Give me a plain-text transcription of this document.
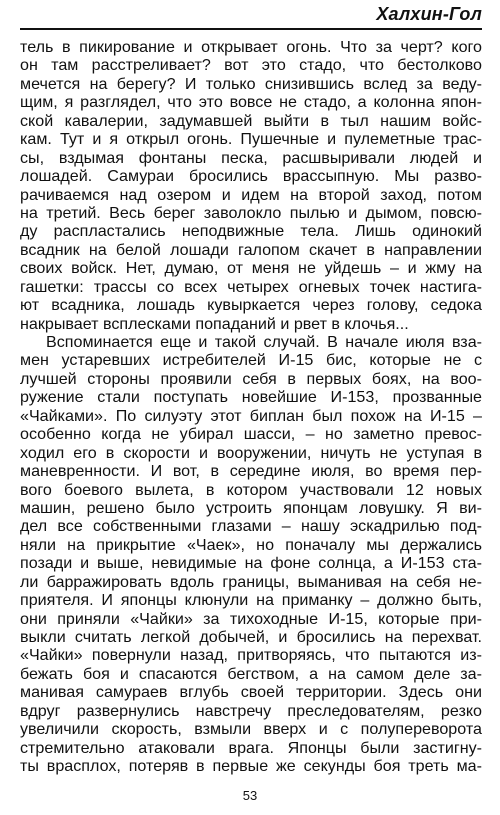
Халхин-Гол
тель в пикирование и открывает огонь. Что за черт? кого
он там расстреливает? вот это стадо, что бестолково
мечется на берегу? И только снизившись вслед за веду-
щим, я разглядел, что это вовсе не стадо, а колонна япон-
ской кавалерии, задумавшей выйти в тыл нашим войс-
кам. Тут и я открыл огонь. Пушечные и пулеметные трас-
сы, вздымая фонтаны песка, расшвыривали людей и
лошадей. Самураи бросились врассыпную. Мы разво-
рачиваемся над озером и идем на второй заход, потом
на третий. Весь берег заволокло пылью и дымом, повсю-
ду распластались неподвижные тела. Лишь одинокий
всадник на белой лошади галопом скачет в направлении
своих войск. Нет, думаю, от меня не уйдешь – и жму на
гашетки: трассы со всех четырех огневых точек настига-
ют всадника, лошадь кувыркается через голову, седока
накрывает всплесками попаданий и рвет в клочья...
Вспоминается еще и такой случай. В начале июля вза-
мен устаревших истребителей И-15 бис, которые не с
лучшей стороны проявили себя в первых боях, на воо-
ружение стали поступать новейшие И-153, прозванные
«Чайками». По силуэту этот биплан был похож на И-15 –
особенно когда не убирал шасси, – но заметно превос-
ходил его в скорости и вооружении, ничуть не уступая в
маневренности. И вот, в середине июля, во время пер-
вого боевого вылета, в котором участвовали 12 новых
машин, решено было устроить японцам ловушку. Я ви-
дел все собственными глазами – нашу эскадрилью под-
няли на прикрытие «Чаек», но поначалу мы держались
позади и выше, невидимые на фоне солнца, а И-153 ста-
ли барражировать вдоль границы, выманивая на себя не-
приятеля. И японцы клюнули на приманку – должно быть,
они приняли «Чайки» за тихоходные И-15, которые при-
выкли считать легкой добычей, и бросились на перехват.
«Чайки» повернули назад, притворяясь, что пытаются из-
бежать боя и спасаются бегством, а на самом деле за-
манивая самураев вглубь своей территории. Здесь они
вдруг развернулись навстречу преследователям, резко
увеличили скорость, взмыли вверх и с полупереворота
стремительно атаковали врага. Японцы были застигну-
ты врасплох, потеряв в первые же секунды боя треть ма-
53
